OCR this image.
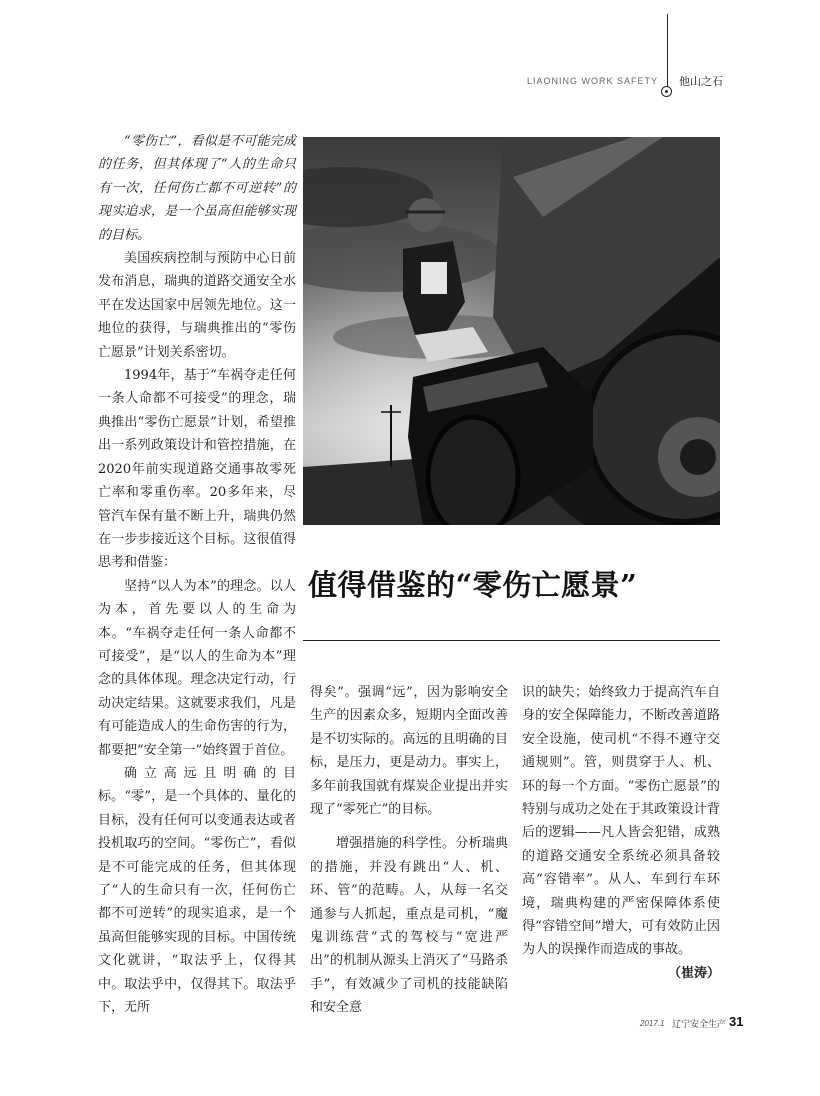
LIAONING WORK SAFETY 他山之石
值得借鉴的“零伤亡愿景”

“零伤亡”，看似是不可能完成的任务，但其体现了“人的生命只有一次，任何伤亡都不可逆转”的现实追求，是一个虽高但能够实现的目标。

美国疾病控制与预防中心日前发布消息，瑞典的道路交通安全水平在发达国家中居领先地位。这一地位的获得，与瑞典推出的“零伤亡愿景”计划关系密切。

1994年，基于“车祸夺走任何一条人命都不可接受”的理念，瑞典推出“零伤亡愿景”计划，希望推出一系列政策设计和管控措施，在2020年前实现道路交通事故零死亡率和零重伤率。20多年来，尽管汽车保有量不断上升，瑞典仍然在一步步接近这个目标。这很值得思考和借鉴：

坚持“以人为本”的理念。以人为本，首先要以人的生命为本。“车祸夺走任何一条人命都不可接受”，是“以人的生命为本”理念的具体体现。理念决定行动，行动决定结果。这就要求我们，凡是有可能造成人的生命伤害的行为，都要把“安全第一”始终置于首位。

确立高远且明确的目标。“零”，是一个具体的、量化的目标，没有任何可以变通表达或者投机取巧的空间。“零伤亡”，看似是不可能完成的任务，但其体现了“人的生命只有一次，任何伤亡都不可逆转”的现实追求，是一个虽高但能够实现的目标。中国传统文化就讲，“取法乎上，仅得其中。取法乎中，仅得其下。取法乎下，无所

得矣”。强调“远”，因为影响安全生产的因素众多，短期内全面改善是不切实际的。高远的且明确的目标，是压力，更是动力。事实上，多年前我国就有煤炭企业提出并实现了“零死亡”的目标。

增强措施的科学性。分析瑞典的措施，并没有跳出“人、机、环、管”的范畴。人，从每一名交通参与人抓起，重点是司机，“魔鬼训练营”式的驾校与“宽进严出”的机制从源头上消灭了“马路杀手”，有效减少了司机的技能缺陷和安全意

识的缺失；始终致力于提高汽车自身的安全保障能力，不断改善道路安全设施，使司机“不得不遵守交通规则”。管，则贯穿于人、机、环的每一个方面。“零伤亡愿景”的特别与成功之处在于其政策设计背后的逻辑——凡人皆会犯错，成熟的道路交通安全系统必须具备较高“容错率”。从人、车到行车环境，瑞典构建的严密保障体系使得“容错空间”增大，可有效防止因为人的误操作而造成的事故。

（崔涛）

2017.1 辽宁安全生产 31
